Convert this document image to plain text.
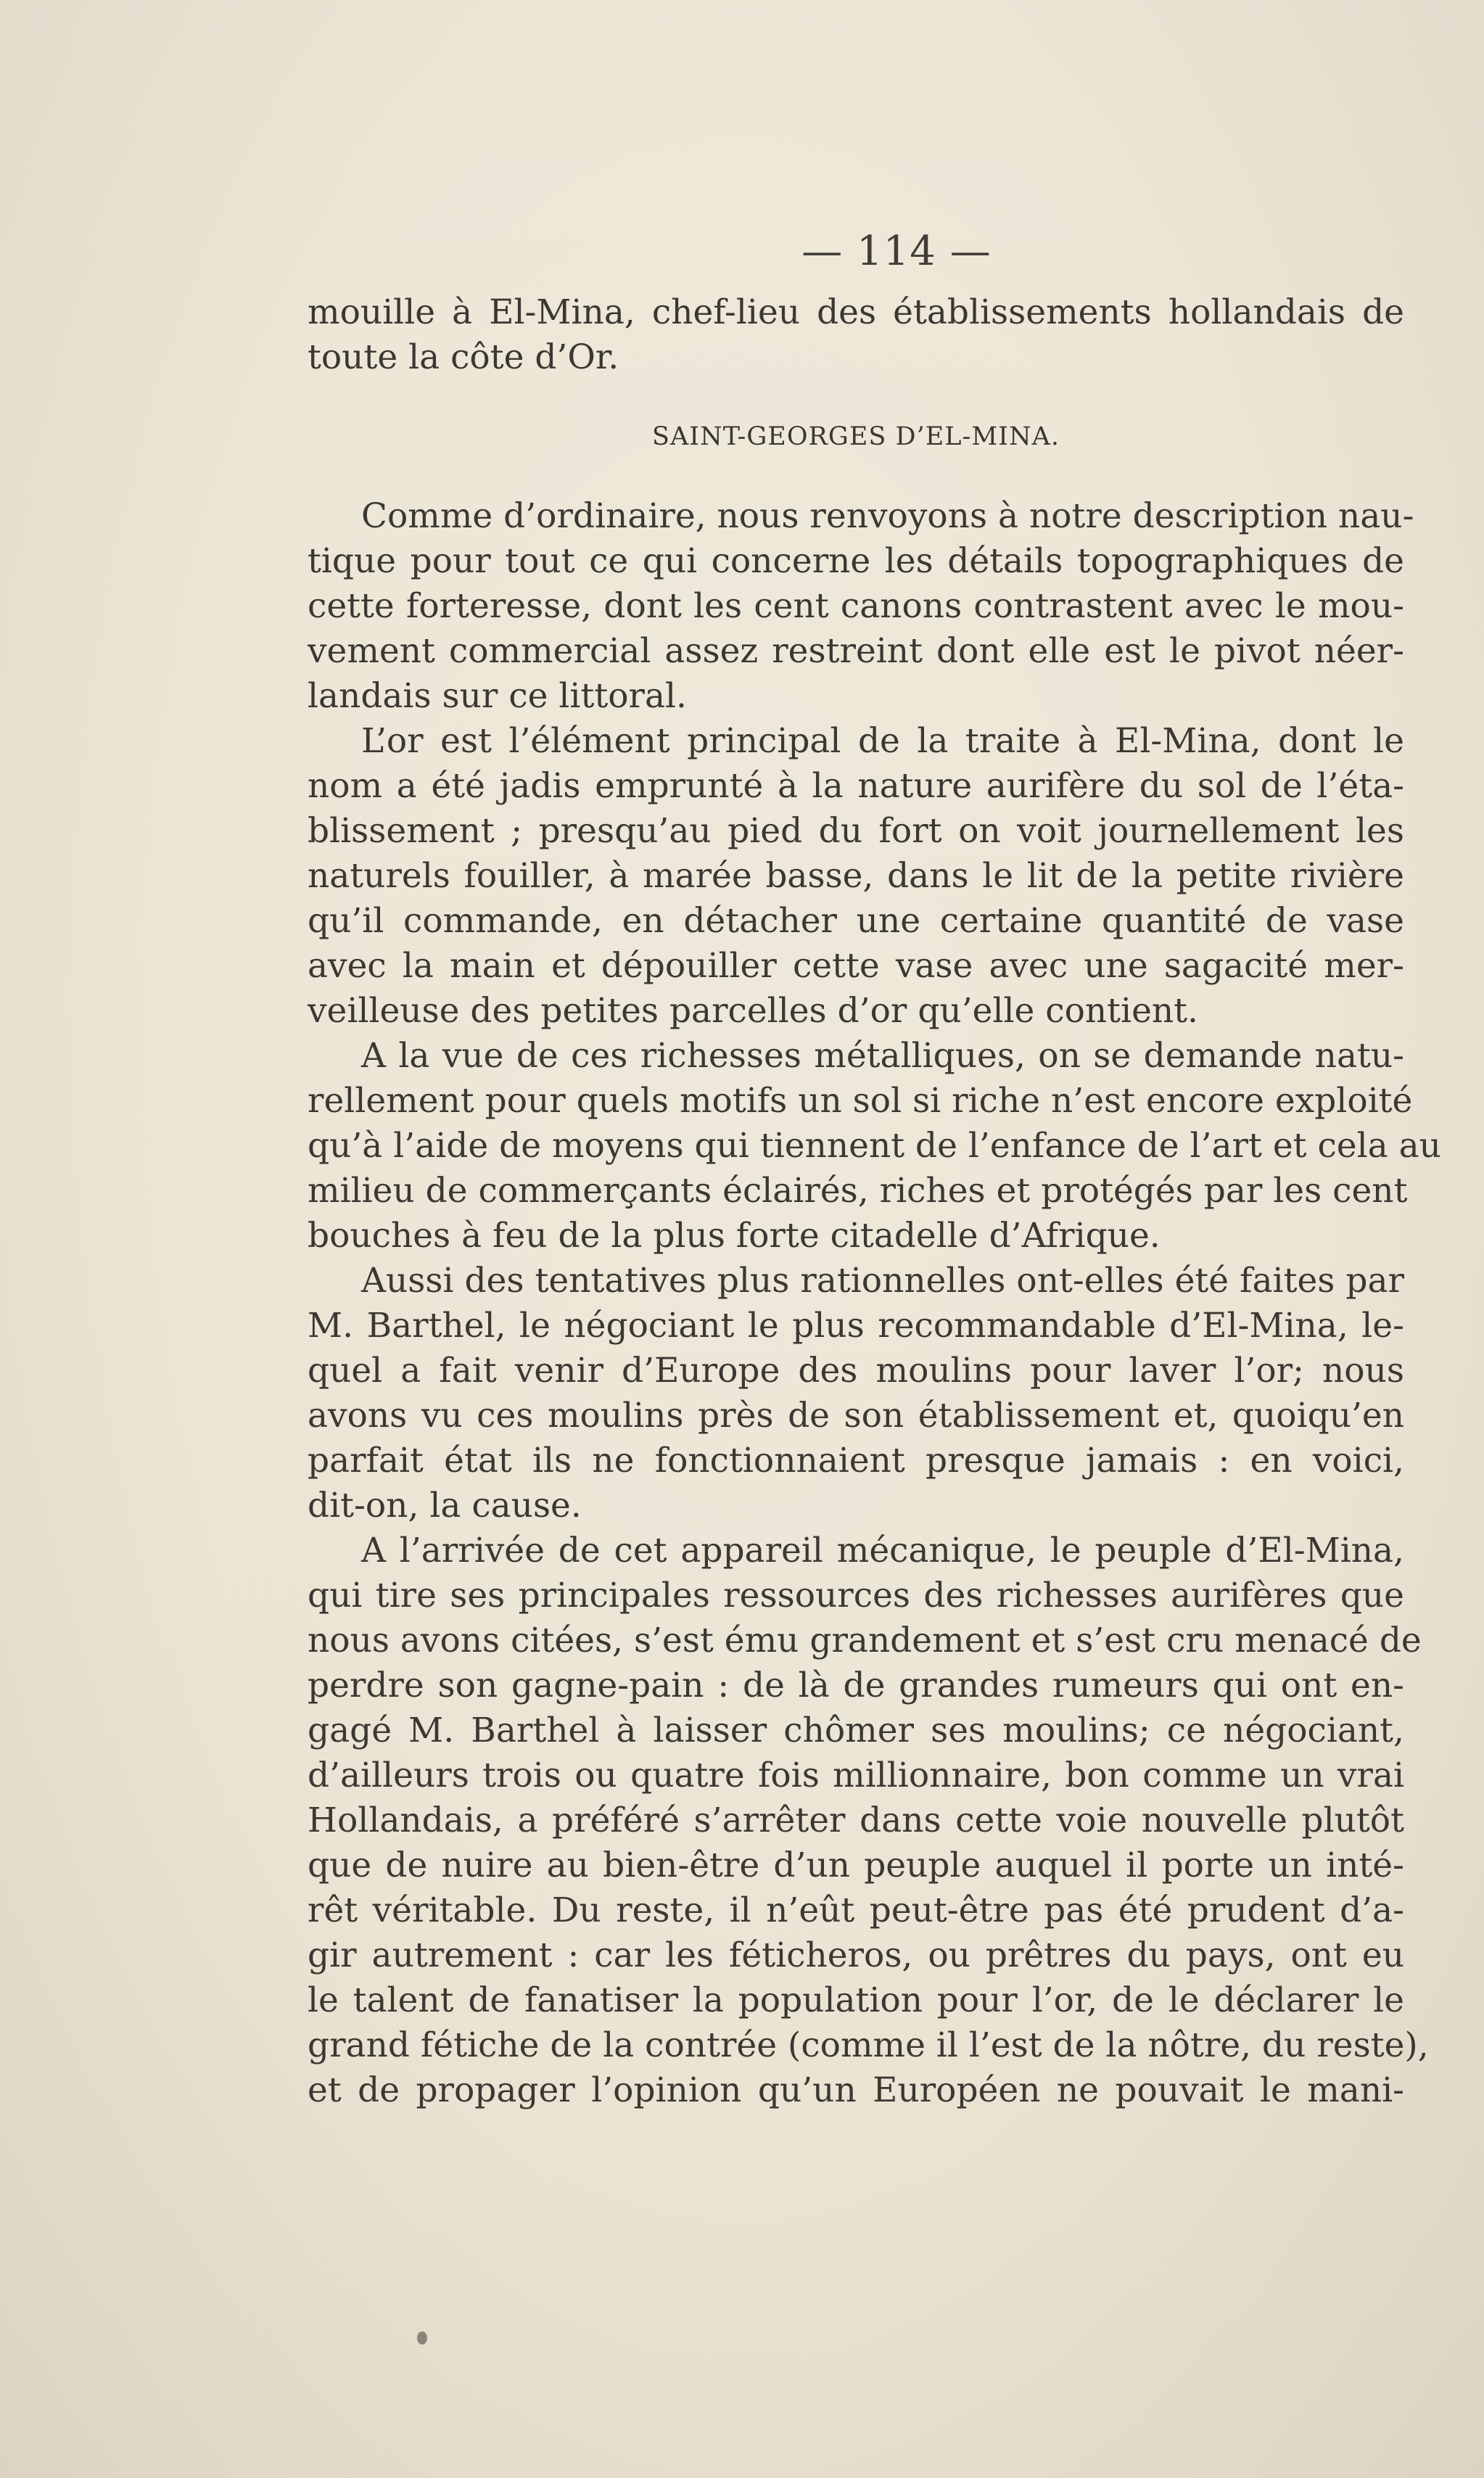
— 114 —
mouille à El-Mina, chef-lieu des établissements hollandais de
toute la côte d’Or.
SAINT-GEORGES D’EL-MINA.
Comme d’ordinaire, nous renvoyons à notre description nau-
tique pour tout ce qui concerne les détails topographiques de
cette forteresse, dont les cent canons contrastent avec le mou-
vement commercial assez restreint dont elle est le pivot néer-
landais sur ce littoral.
L’or est l’élément principal de la traite à El-Mina, dont le
nom a été jadis emprunté à la nature aurifère du sol de l’éta-
blissement ; presqu’au pied du fort on voit journellement les
naturels fouiller, à marée basse, dans le lit de la petite rivière
qu’il commande, en détacher une certaine quantité de vase
avec la main et dépouiller cette vase avec une sagacité mer-
veilleuse des petites parcelles d’or qu’elle contient.
A la vue de ces richesses métalliques, on se demande natu-
rellement pour quels motifs un sol si riche n’est encore exploité
qu’à l’aide de moyens qui tiennent de l’enfance de l’art et cela au
milieu de commerçants éclairés, riches et protégés par les cent
bouches à feu de la plus forte citadelle d’Afrique.
Aussi des tentatives plus rationnelles ont-elles été faites par
M. Barthel, le négociant le plus recommandable d’El-Mina, le-
quel a fait venir d’Europe des moulins pour laver l’or; nous
avons vu ces moulins près de son établissement et, quoiqu’en
parfait état ils ne fonctionnaient presque jamais : en voici,
dit-on, la cause.
A l’arrivée de cet appareil mécanique, le peuple d’El-Mina,
qui tire ses principales ressources des richesses aurifères que
nous avons citées, s’est ému grandement et s’est cru menacé de
perdre son gagne-pain : de là de grandes rumeurs qui ont en-
gagé M. Barthel à laisser chômer ses moulins; ce négociant,
d’ailleurs trois ou quatre fois millionnaire, bon comme un vrai
Hollandais, a préféré s’arrêter dans cette voie nouvelle plutôt
que de nuire au bien-être d’un peuple auquel il porte un inté-
rêt véritable. Du reste, il n’eût peut-être pas été prudent d’a-
gir autrement : car les féticheros, ou prêtres du pays, ont eu
le talent de fanatiser la population pour l’or, de le déclarer le
grand fétiche de la contrée (comme il l’est de la nôtre, du reste),
et de propager l’opinion qu’un Européen ne pouvait le mani-
